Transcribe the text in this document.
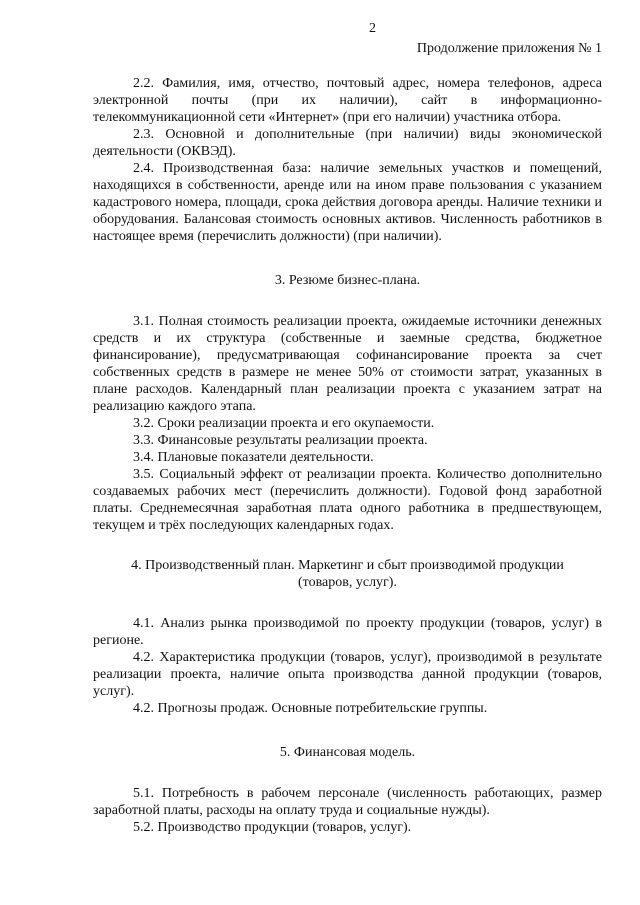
2
Продолжение приложения № 1

2.2. Фамилия, имя, отчество, почтовый адрес, номера телефонов, адреса электронной почты (при их наличии), сайт в информационно-телекоммуникационной сети «Интернет» (при его наличии) участника отбора.

2.3. Основной и дополнительные (при наличии) виды экономической деятельности (ОКВЭД).

2.4. Производственная база: наличие земельных участков и помещений, находящихся в собственности, аренде или на ином праве пользования с указанием кадастрового номера, площади, срока действия договора аренды. Наличие техники и оборудования. Балансовая стоимость основных активов. Численность работников в настоящее время (перечислить должности) (при наличии).

3. Резюме бизнес-плана.

3.1. Полная стоимость реализации проекта, ожидаемые источники денежных средств и их структура (собственные и заемные средства, бюджетное финансирование), предусматривающая софинансирование проекта за счет собственных средств в размере не менее 50% от стоимости затрат, указанных в плане расходов. Календарный план реализации проекта с указанием затрат на реализацию каждого этапа.

3.2. Сроки реализации проекта и его окупаемости.

3.3. Финансовые результаты реализации проекта.

3.4. Плановые показатели деятельности.

3.5. Социальный эффект от реализации проекта. Количество дополнительно создаваемых рабочих мест (перечислить должности). Годовой фонд заработной платы. Среднемесячная заработная плата одного работника в предшествующем, текущем и трёх последующих календарных годах.

4. Производственный план. Маркетинг и сбыт производимой продукции
(товаров, услуг).

4.1. Анализ рынка производимой по проекту продукции (товаров, услуг) в регионе.

4.2. Характеристика продукции (товаров, услуг), производимой в результате реализации проекта, наличие опыта производства данной продукции (товаров, услуг).

4.2. Прогнозы продаж. Основные потребительские группы.

5. Финансовая модель.

5.1. Потребность в рабочем персонале (численность работающих, размер заработной платы, расходы на оплату труда и социальные нужды).

5.2. Производство продукции (товаров, услуг).
